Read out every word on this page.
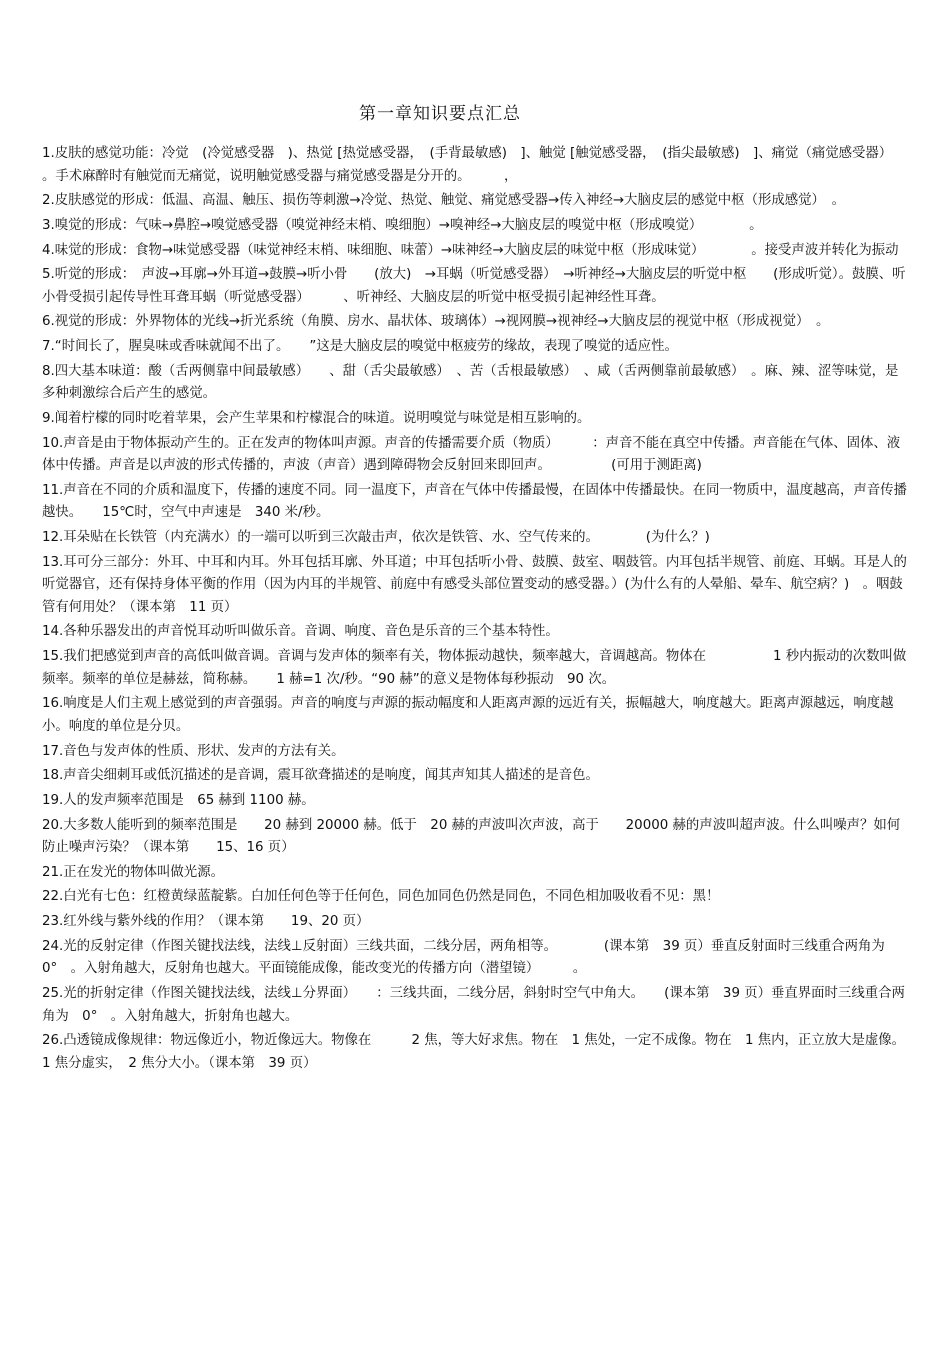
第一章知识要点汇总

1.皮肤的感觉功能：冷觉　(冷觉感受器　)、热觉 [热觉感受器，　(手背最敏感)　]、触觉 [触觉感受器，　(指尖最敏感)　]、痛觉（痛觉感受器）　。手术麻醉时有触觉而无痛觉，说明触觉感受器与痛觉感受器是分开的。　　　，

2.皮肤感觉的形成：低温、高温、触压、损伤等刺激→冷觉、热觉、触觉、痛觉感受器→传入神经→大脑皮层的感觉中枢（形成感觉）　。

3.嗅觉的形成：气味→鼻腔→嗅觉感受器（嗅觉神经末梢、嗅细胞）→嗅神经→大脑皮层的嗅觉中枢（形成嗅觉）　　　　。

4.味觉的形成：食物→味觉感受器（味觉神经末梢、味细胞、味蕾）→味神经→大脑皮层的味觉中枢（形成味觉）　　　　。接受声波并转化为振动

5.听觉的形成：　声波→耳廓→外耳道→鼓膜→听小骨　　(放大)　→耳蜗（听觉感受器）　→听神经→大脑皮层的听觉中枢　　(形成听觉）。鼓膜、听小骨受损引起传导性耳聋耳蜗（听觉感受器）　　　、听神经、大脑皮层的听觉中枢受损引起神经性耳聋。

6.视觉的形成：外界物体的光线→折光系统（角膜、房水、晶状体、玻璃体）→视网膜→视神经→大脑皮层的视觉中枢（形成视觉）　。

7.“时间长了，腥臭味或香味就闻不出了。　　”这是大脑皮层的嗅觉中枢疲劳的缘故，表现了嗅觉的适应性。

8.四大基本味道：酸（舌两侧靠中间最敏感）　　、甜（舌尖最敏感）　、苦（舌根最敏感）　、咸（舌两侧靠前最敏感）　。麻、辣、涩等味觉，是多种刺激综合后产生的感觉。

9.闻着柠檬的同时吃着苹果，会产生苹果和柠檬混合的味道。说明嗅觉与味觉是相互影响的。

10.声音是由于物体振动产生的。正在发声的物体叫声源。声音的传播需要介质（物质）　　　：声音不能在真空中传播。声音能在气体、固体、液体中传播。声音是以声波的形式传播的，声波（声音）遇到障碍物会反射回来即回声。　　　　　(可用于测距离)

11.声音在不同的介质和温度下，传播的速度不同。同一温度下，声音在气体中传播最慢，在固体中传播最快。在同一物质中，温度越高，声音传播越快。　　15℃时，空气中声速是　340 米/秒。

12.耳朵贴在长铁管（内充满水）的一端可以听到三次敲击声，依次是铁管、水、空气传来的。　　　　(为什么？)

13.耳可分三部分：外耳、中耳和内耳。外耳包括耳廓、外耳道；中耳包括听小骨、鼓膜、鼓室、咽鼓管。内耳包括半规管、前庭、耳蜗。耳是人的听觉器官，还有保持身体平衡的作用（因为内耳的半规管、前庭中有感受头部位置变动的感受器。）(为什么有的人晕船、晕车、航空病？)　。咽鼓管有何用处？（课本第　11 页）

14.各种乐器发出的声音悦耳动听叫做乐音。音调、响度、音色是乐音的三个基本特性。

15.我们把感觉到声音的高低叫做音调。音调与发声体的频率有关，物体振动越快，频率越大，音调越高。物体在　　　　　1 秒内振动的次数叫做频率。频率的单位是赫兹，简称赫。　　1 赫=1 次/秒。“90 赫”的意义是物体每秒振动　90 次。

16.响度是人们主观上感觉到的声音强弱。声音的响度与声源的振动幅度和人距离声源的远近有关，振幅越大，响度越大。距离声源越远，响度越小。响度的单位是分贝。

17.音色与发声体的性质、形状、发声的方法有关。

18.声音尖细刺耳或低沉描述的是音调，震耳欲聋描述的是响度，闻其声知其人描述的是音色。

19.人的发声频率范围是　65 赫到 1100 赫。

20.大多数人能听到的频率范围是　　20 赫到 20000 赫。低于　20 赫的声波叫次声波，高于　　20000 赫的声波叫超声波。什么叫噪声？如何防止噪声污染？（课本第　　15、16 页）

21.正在发光的物体叫做光源。

22.白光有七色：红橙黄绿蓝靛紫。白加任何色等于任何色，同色加同色仍然是同色，不同色相加吸收看不见：黑！

23.红外线与紫外线的作用？（课本第　　19、20 页）

24.光的反射定律（作图关键找法线，法线⊥反射面）三线共面，二线分居，两角相等。　　　　(课本第　39 页）垂直反射面时三线重合两角为　0°　。入射角越大，反射角也越大。平面镜能成像，能改变光的传播方向（潜望镜）　　　。

25.光的折射定律（作图关键找法线，法线⊥分界面）　　：三线共面，二线分居，斜射时空气中角大。　　(课本第　39 页）垂直界面时三线重合两角为　0°　。入射角越大，折射角也越大。

26.凸透镜成像规律：物远像近小，物近像远大。物像在　　　2 焦，等大好求焦。物在　1 焦处，一定不成像。物在　1 焦内，正立放大是虚像。　1 焦分虚实，　2 焦分大小。（课本第　39 页）
